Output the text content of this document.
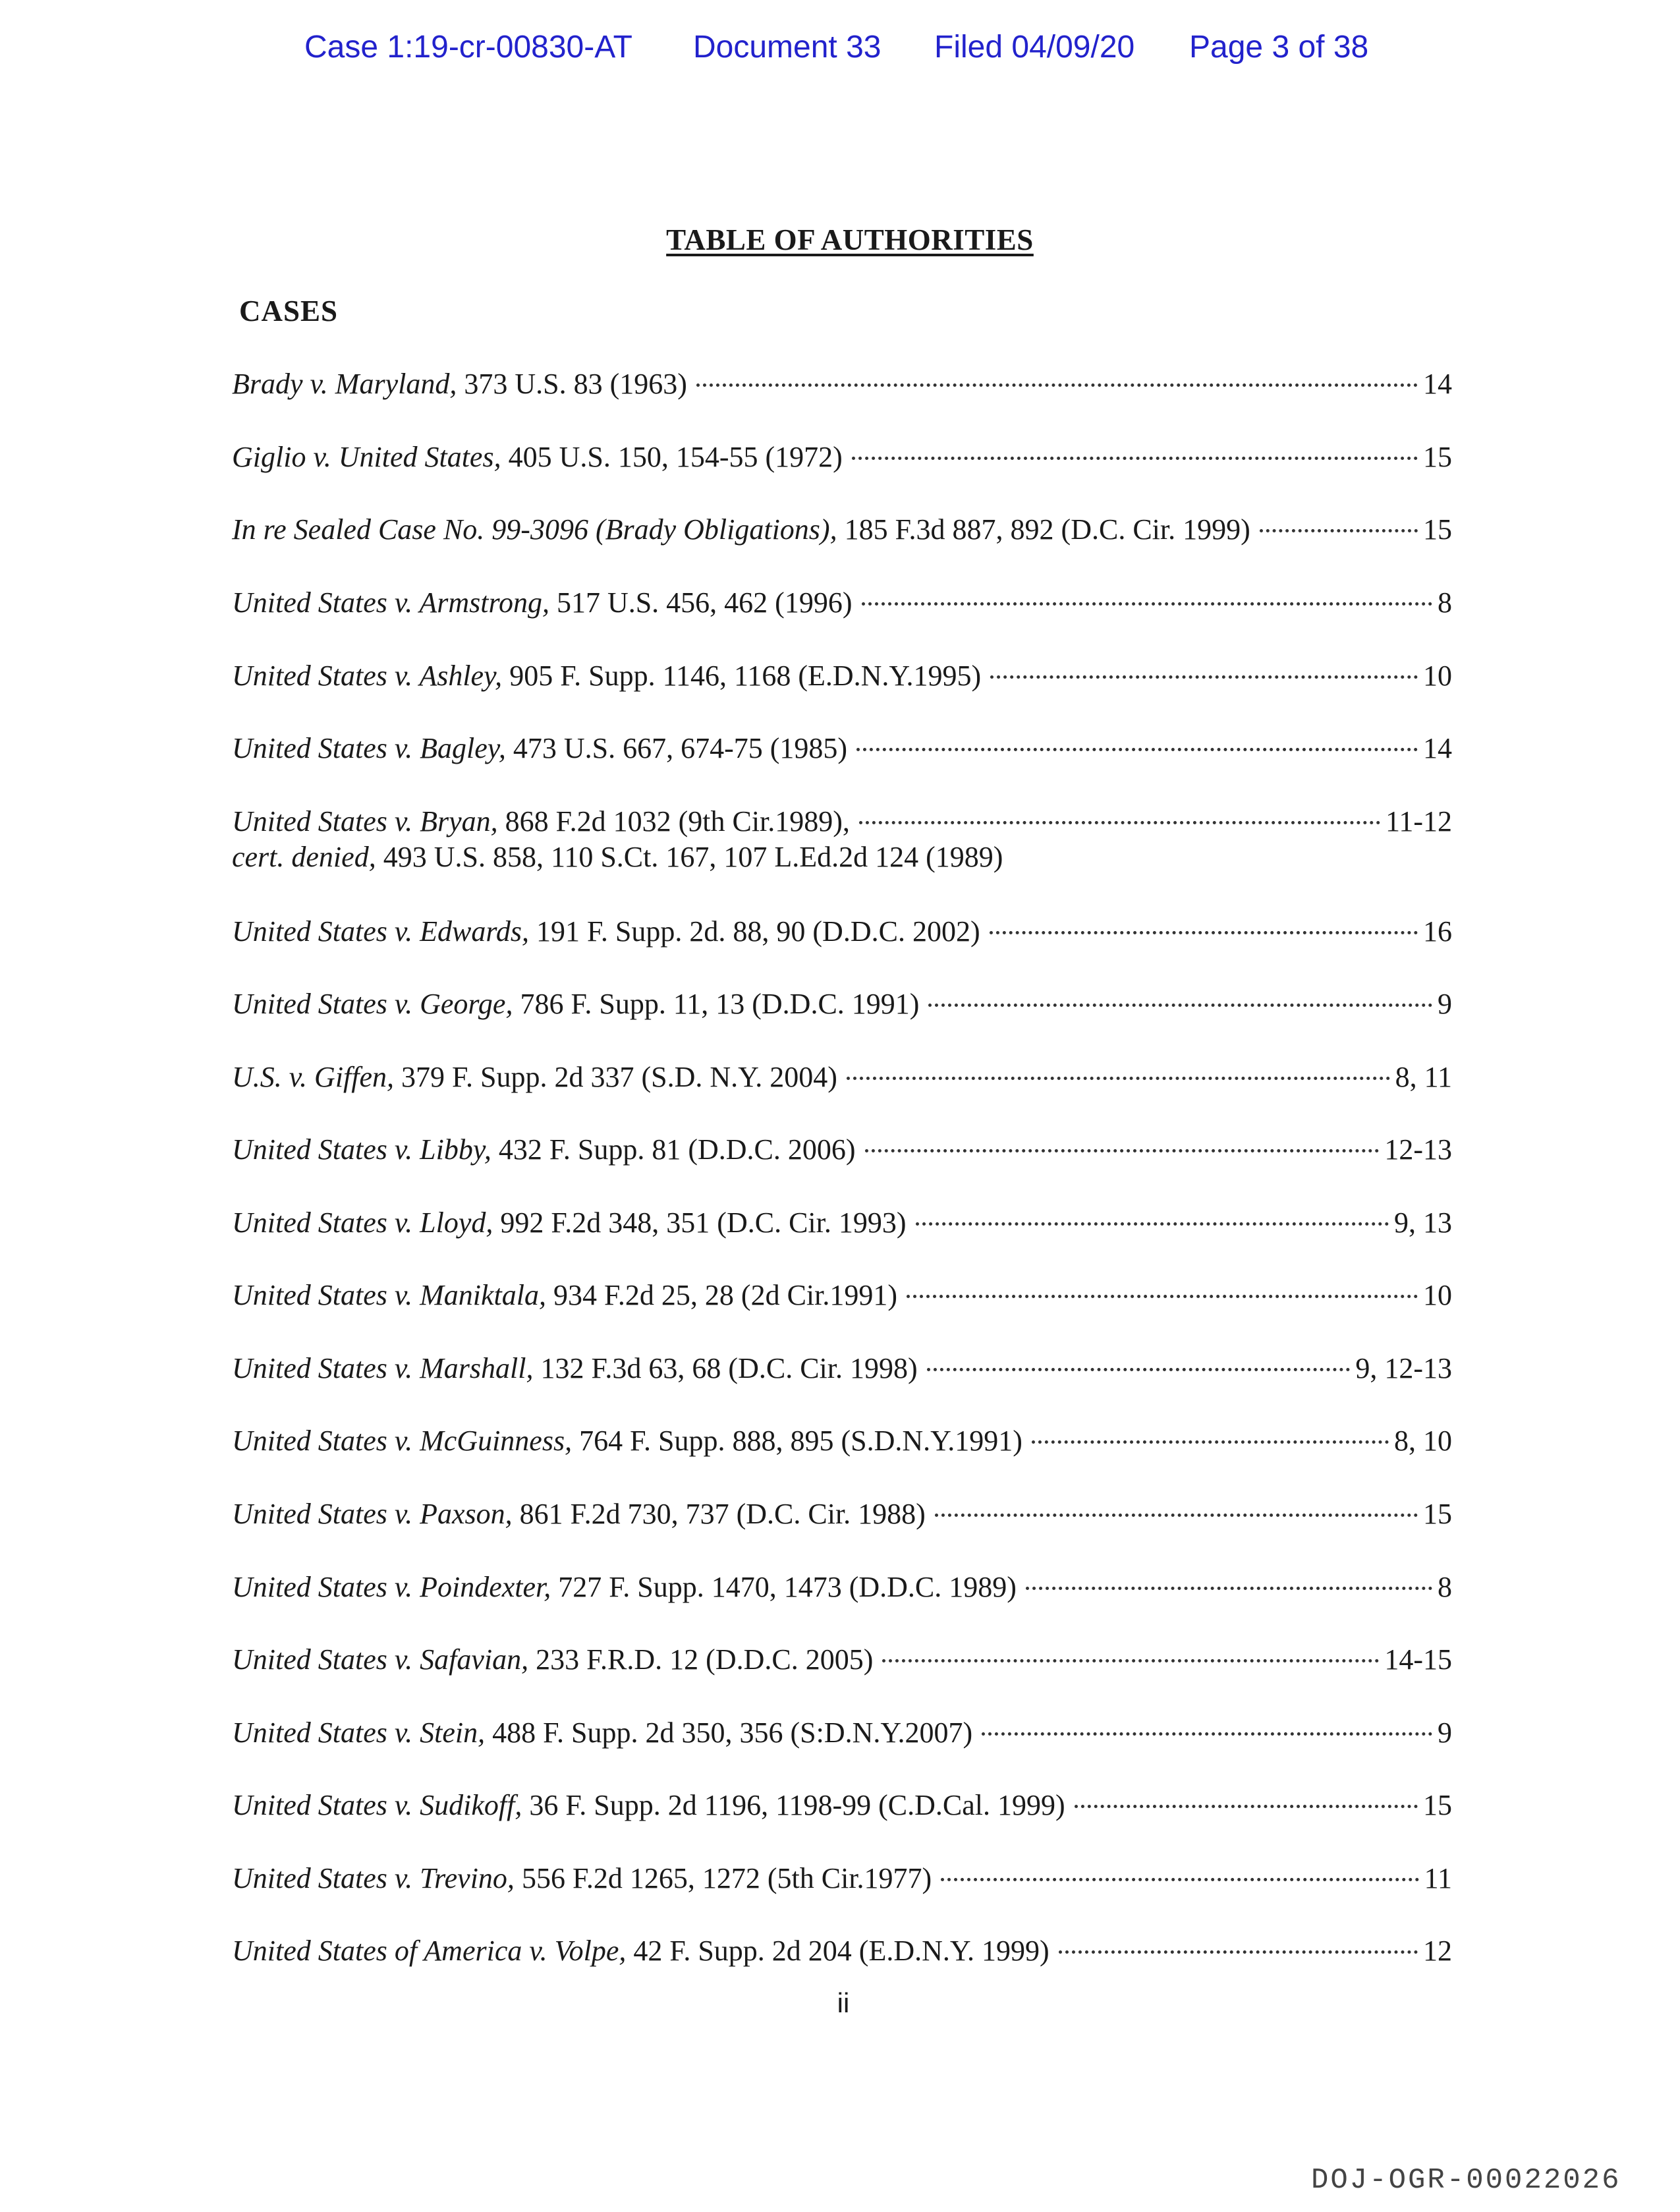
Case 1:19-cr-00830-AT Document 33 Filed 04/09/20 Page 3 of 38
TABLE OF AUTHORITIES
CASES
Brady v. Maryland, 373 U.S. 83 (1963)	14
Giglio v. United States, 405 U.S. 150, 154-55 (1972)	15
In re Sealed Case No. 99-3096 (Brady Obligations), 185 F.3d 887, 892 (D.C. Cir. 1999)	15
United States v. Armstrong, 517 U.S. 456, 462 (1996)	8
United States v. Ashley, 905 F. Supp. 1146, 1168 (E.D.N.Y.1995)	10
United States v. Bagley, 473 U.S. 667, 674-75 (1985)	14
United States v. Bryan, 868 F.2d 1032 (9th Cir.1989),	11-12
cert. denied, 493 U.S. 858, 110 S.Ct. 167, 107 L.Ed.2d 124 (1989)
United States v. Edwards, 191 F. Supp. 2d. 88, 90 (D.D.C. 2002)	16
United States v. George, 786 F. Supp. 11, 13 (D.D.C. 1991)	9
U.S. v. Giffen, 379 F. Supp. 2d 337 (S.D. N.Y. 2004)	8, 11
United States v. Libby, 432 F. Supp. 81 (D.D.C. 2006)	12-13
United States v. Lloyd, 992 F.2d 348, 351 (D.C. Cir. 1993)	9, 13
United States v. Maniktala, 934 F.2d 25, 28 (2d Cir.1991)	10
United States v. Marshall, 132 F.3d 63, 68 (D.C. Cir. 1998)	9, 12-13
United States v. McGuinness, 764 F. Supp. 888, 895 (S.D.N.Y.1991)	8, 10
United States v. Paxson, 861 F.2d 730, 737 (D.C. Cir. 1988)	15
United States v. Poindexter, 727 F. Supp. 1470, 1473 (D.D.C. 1989)	8
United States v. Safavian, 233 F.R.D. 12 (D.D.C. 2005)	14-15
United States v. Stein, 488 F. Supp. 2d 350, 356 (S:D.N.Y.2007)	9
United States v. Sudikoff, 36 F. Supp. 2d 1196, 1198-99 (C.D.Cal. 1999)	15
United States v. Trevino, 556 F.2d 1265, 1272 (5th Cir.1977)	11
United States of America v. Volpe, 42 F. Supp. 2d 204 (E.D.N.Y. 1999)	12
ii
DOJ-OGR-00022026
